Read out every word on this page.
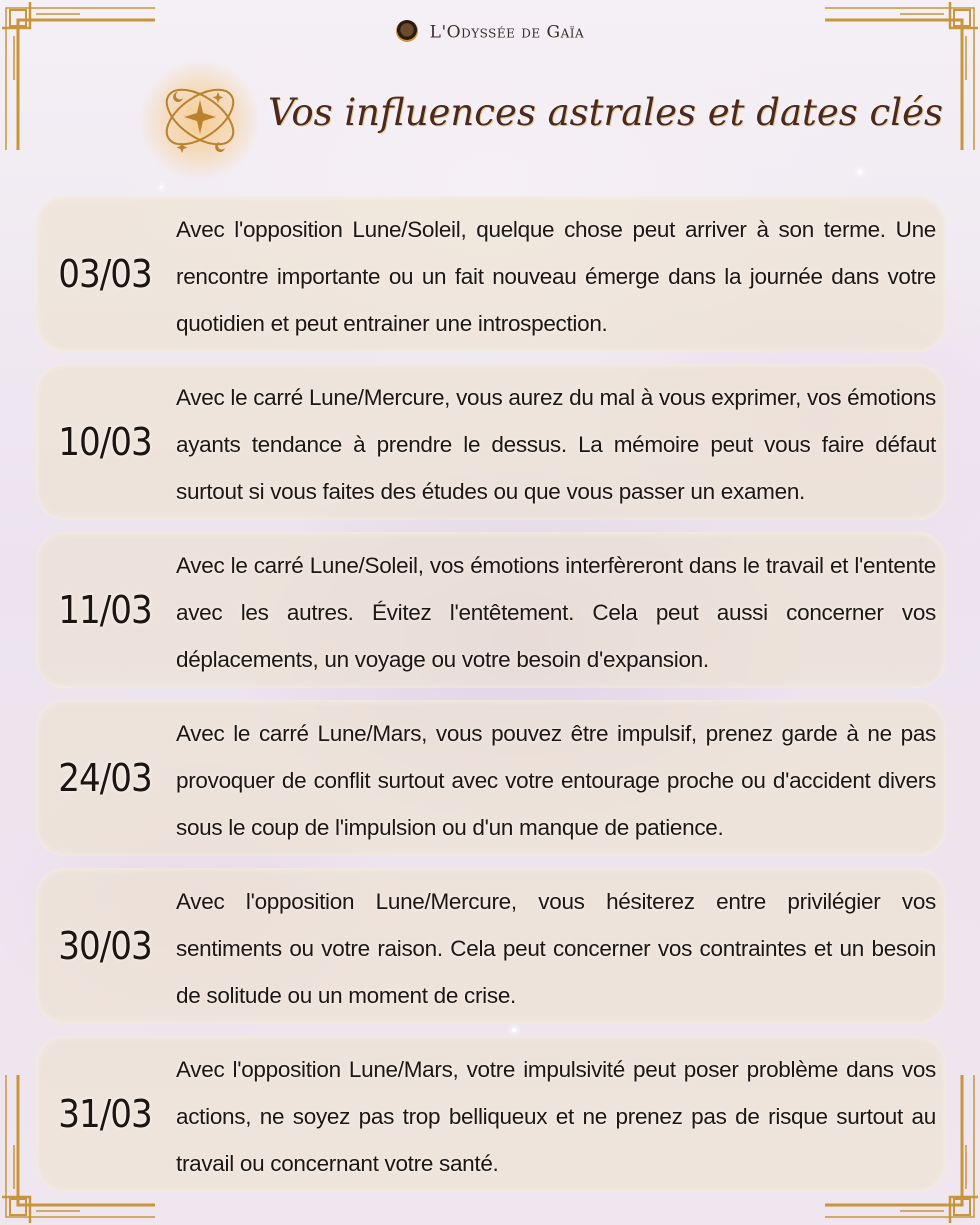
L'Odyssée de Gaïa
Vos influences astrales et dates clés
03/03
Avec l'opposition Lune/Soleil, quelque chose peut arriver à son terme. Une rencontre importante ou un fait nouveau émerge dans la journée dans votre quotidien et peut entrainer une introspection.
10/03
Avec le carré Lune/Mercure, vous aurez du mal à vous exprimer, vos émotions ayants tendance à prendre le dessus. La mémoire peut vous faire défaut surtout si vous faites des études ou que vous passer un examen.
11/03
Avec le carré Lune/Soleil, vos émotions interfèreront dans le travail et l'entente avec les autres. Évitez l'entêtement. Cela peut aussi concerner vos déplacements, un voyage ou votre besoin d'expansion.
24/03
Avec le carré Lune/Mars, vous pouvez être impulsif, prenez garde à ne pas provoquer de conflit surtout avec votre entourage proche ou d'accident divers sous le coup de l'impulsion ou d'un manque de patience.
30/03
Avec l'opposition Lune/Mercure, vous hésiterez entre privilégier vos sentiments ou votre raison. Cela peut concerner vos contraintes et un besoin de solitude ou un moment de crise.
31/03
Avec l'opposition Lune/Mars, votre impulsivité peut poser problème dans vos actions, ne soyez pas trop belliqueux et ne prenez pas de risque surtout au travail ou concernant votre santé.
